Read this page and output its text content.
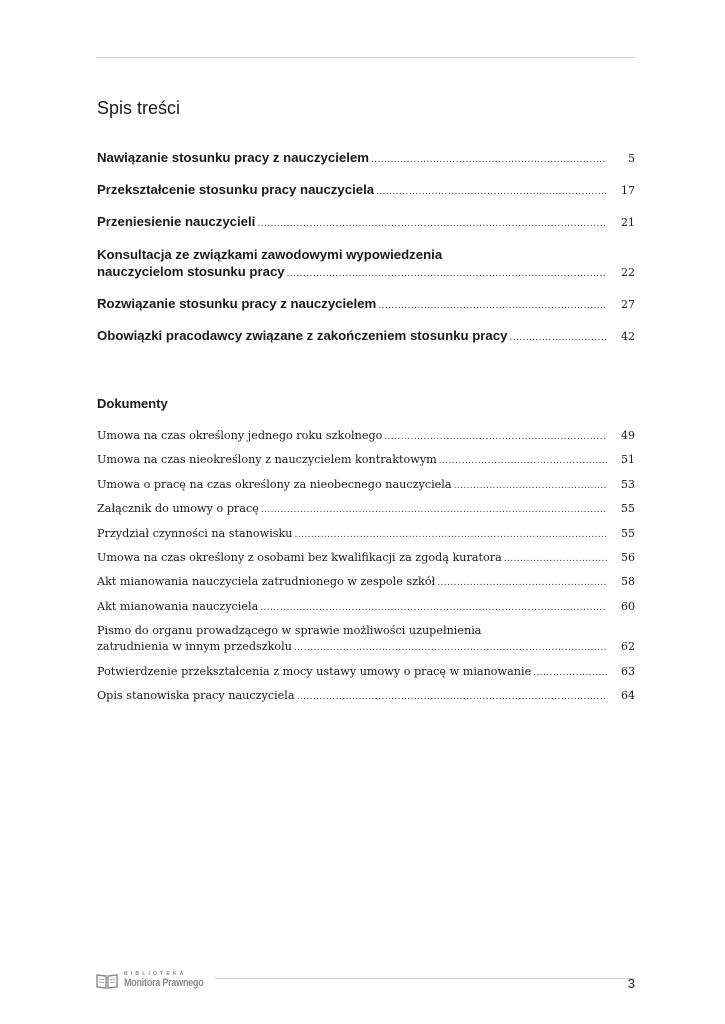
Spis treści
Nawiązanie stosunku pracy z nauczycielem .....	5
Przekształcenie stosunku pracy nauczyciela .....	17
Przeniesienie nauczycieli .....	21
Konsultacja ze związkami zawodowymi wypowiedzenia
nauczycielom stosunku pracy .....	22
Rozwiązanie stosunku pracy z nauczycielem .....	27
Obowiązki pracodawcy związane z zakończeniem stosunku pracy .....	42
Dokumenty
Umowa na czas określony jednego roku szkolnego .....	49
Umowa na czas nieokreślony z nauczycielem kontraktowym .....	51
Umowa o pracę na czas określony za nieobecnego nauczyciela .....	53
Załącznik do umowy o pracę .....	55
Przydział czynności na stanowisku .....	55
Umowa na czas określony z osobami bez kwalifikacji za zgodą kuratora .....	56
Akt mianowania nauczyciela zatrudnionego w zespole szkół .....	58
Akt mianowania nauczyciela .....	60
Pismo do organu prowadzącego w sprawie możliwości uzupełnienia
zatrudnienia w innym przedszkolu .....	62
Potwierdzenie przekształcenia z mocy ustawy umowy o pracę w mianowanie .....	63
Opis stanowiska pracy nauczyciela .....	64
BIBLIOTEKA
Monitora Prawnego	3
